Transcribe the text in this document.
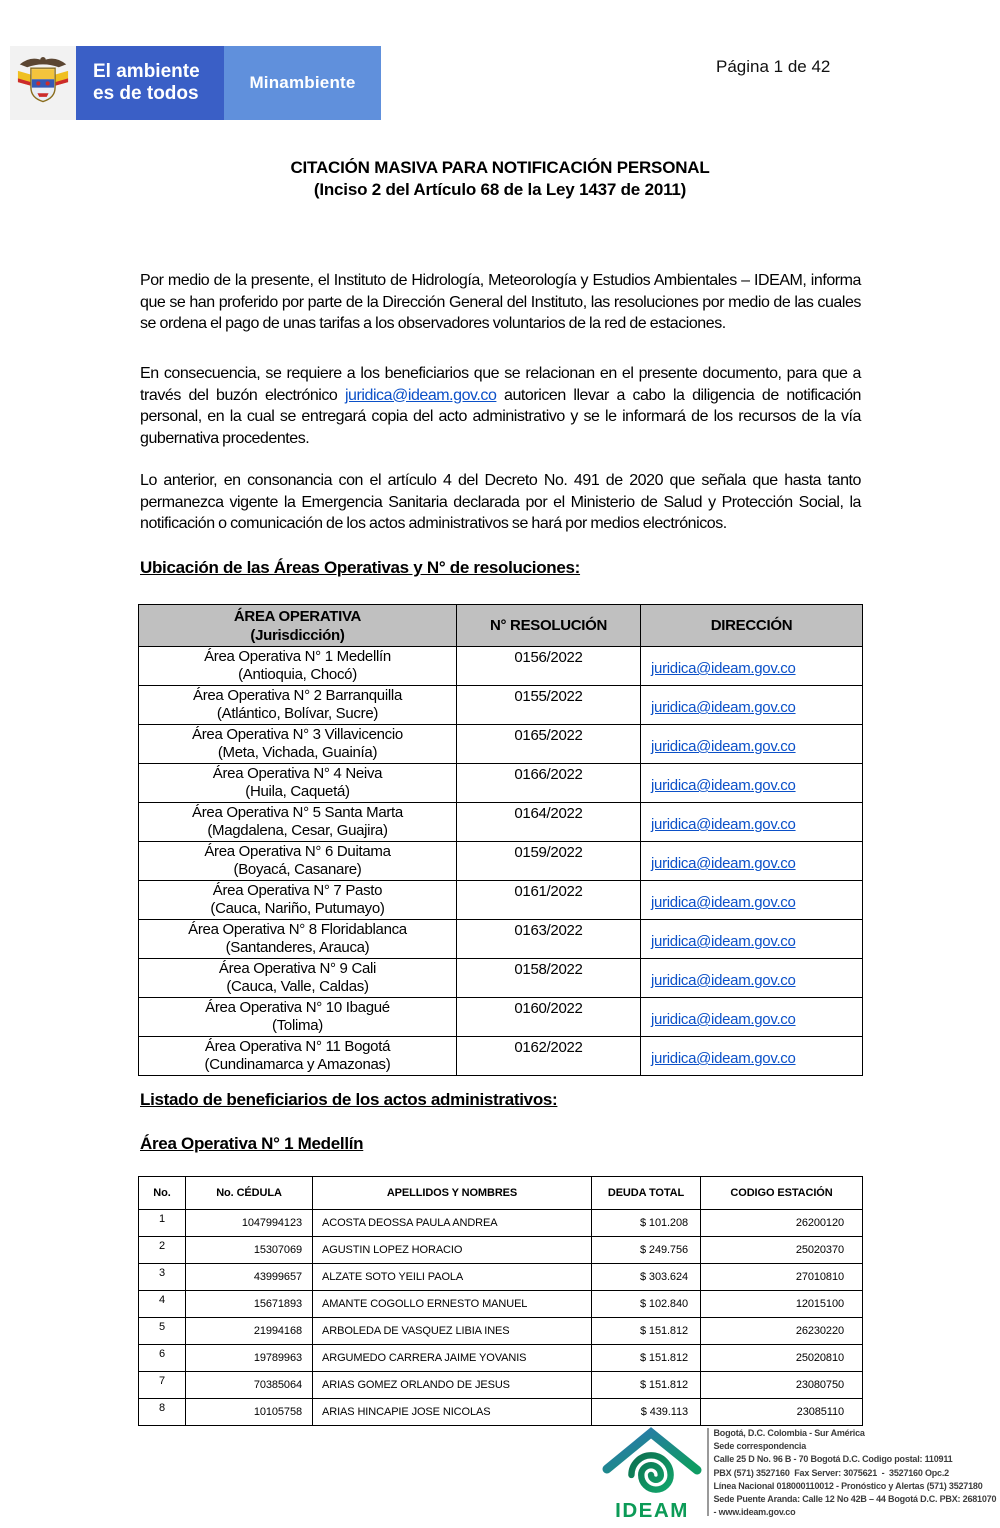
El ambiente
es de todos
Minambiente
Página 1 de 42
CITACIÓN MASIVA PARA NOTIFICACIÓN PERSONAL
(Inciso 2 del Artículo 68 de la Ley 1437 de 2011)

Por medio de la presente, el Instituto de Hidrología, Meteorología y Estudios Ambientales – IDEAM, informa que se han proferido por parte de la Dirección General del Instituto, las resoluciones por medio de las cuales se ordena el pago de unas tarifas a los observadores voluntarios de la red de estaciones.

En consecuencia, se requiere a los beneficiarios que se relacionan en el presente documento, para que a través del buzón electrónico juridica@ideam.gov.co autoricen llevar a cabo la diligencia de notificación personal, en la cual se entregará copia del acto administrativo y se le informará de los recursos de la vía gubernativa procedentes.

Lo anterior, en consonancia con el artículo 4 del Decreto No. 491 de 2020 que señala que hasta tanto permanezca vigente la Emergencia Sanitaria declarada por el Ministerio de Salud y Protección Social, la notificación o comunicación de los actos administrativos se hará por medios electrónicos.

Ubicación de las Áreas Operativas y N° de resoluciones:
ÁREA OPERATIVA
(Jurisdicción)	N° RESOLUCIÓN	DIRECCIÓN

Área Operativa N° 1 Medellín
(Antioquia, Chocó)	0156/2022	juridica@ideam.gov.co

Área Operativa N° 2 Barranquilla
(Atlántico, Bolívar, Sucre)	0155/2022	juridica@ideam.gov.co

Área Operativa N° 3 Villavicencio
(Meta, Vichada, Guainía)	0165/2022	juridica@ideam.gov.co

Área Operativa N° 4 Neiva
(Huila, Caquetá)	0166/2022	juridica@ideam.gov.co

Área Operativa N° 5 Santa Marta
(Magdalena, Cesar, Guajira)	0164/2022	juridica@ideam.gov.co

Área Operativa N° 6 Duitama
(Boyacá, Casanare)	0159/2022	juridica@ideam.gov.co

Área Operativa N° 7 Pasto
(Cauca, Nariño, Putumayo)	0161/2022	juridica@ideam.gov.co

Área Operativa N° 8 Floridablanca
(Santanderes, Arauca)	0163/2022	juridica@ideam.gov.co

Área Operativa N° 9 Cali
(Cauca, Valle, Caldas)	0158/2022	juridica@ideam.gov.co

Área Operativa N° 10 Ibagué
(Tolima)	0160/2022	juridica@ideam.gov.co

Área Operativa N° 11 Bogotá
(Cundinamarca y Amazonas)	0162/2022	juridica@ideam.gov.co
Listado de beneficiarios de los actos administrativos:
Área Operativa N° 1 Medellín
No.	No. CÉDULA	APELLIDOS Y NOMBRES	DEUDA TOTAL	CODIGO ESTACIÓN
1	1047994123	ACOSTA DEOSSA PAULA ANDREA	$ 101.208	26200120
2	15307069	AGUSTIN LOPEZ HORACIO	$ 249.756	25020370
3	43999657	ALZATE SOTO YEILI PAOLA	$ 303.624	27010810
4	15671893	AMANTE COGOLLO ERNESTO MANUEL	$ 102.840	12015100
5	21994168	ARBOLEDA DE VASQUEZ LIBIA INES	$ 151.812	26230220
6	19789963	ARGUMEDO CARRERA JAIME YOVANIS	$ 151.812	25020810
7	70385064	ARIAS GOMEZ ORLANDO DE JESUS	$ 151.812	23080750
8	10105758	ARIAS HINCAPIE JOSE NICOLAS	$ 439.113	23085110
IDEAM
Bogotá, D.C. Colombia - Sur América
Sede correspondencia
Calle 25 D No. 96 B - 70 Bogotá D.C. Codigo postal: 110911
PBX (571) 3527160  Fax Server: 3075621  -  3527160 Opc.2
Línea Nacional 018000110012 - Pronóstico y Alertas (571) 3527180
Sede Puente Aranda: Calle 12 No 42B – 44 Bogotá D.C. PBX: 2681070
- www.ideam.gov.co
